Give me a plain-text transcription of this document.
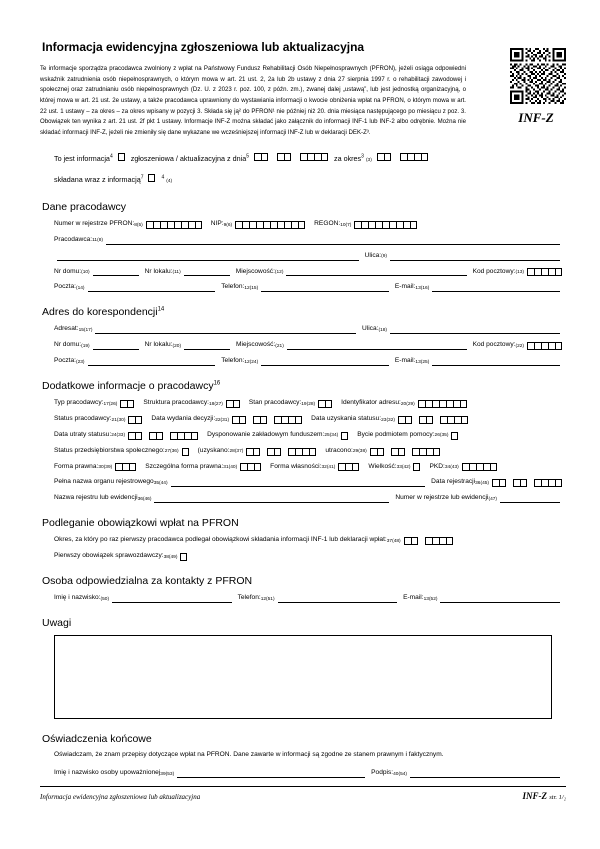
INF-Z
Informacja ewidencyjna zgłoszeniowa lub aktualizacyjna

Te informacje sporządza pracodawca zwolniony z wpłat na Państwowy Fundusz Rehabilitacji Osób Niepełnosprawnych (PFRON), jeżeli osiąga odpowiedni wskaźnik zatrudnienia osób niepełnosprawnych, o którym mowa w art. 21 ust. 2, 2a lub 2b ustawy z dnia 27 sierpnia 1997 r. o rehabilitacji zawodowej i społecznej oraz zatrudnianiu osób niepełnosprawnych (Dz. U. z 2023 r. poz. 100, z późn. zm.), zwanej dalej „ustawą”, lub jest jednostką organizacyjną, o której mowa w art. 21 ust. 2e ustawy, a także pracodawca uprawniony do wystawiania informacji o kwocie obniżenia wpłat na PFRON, o którym mowa w art. 22 ust. 1 ustawy – za okres – za okres wpisany w pozycji 3. Składa się ją² do PFRON¹ nie później niż 20. dnia miesiąca następującego po miesiącu z poz. 3. Obowiązek ten wynika z art. 21 ust. 2f pkt 1 ustawy. Informacje INF-Z można składać jako załącznik do informacji INF-1 lub INF-2 albo odrębnie. Można nie składać informacji INF-Z, jeżeli nie zmieniły się dane wykazane we wcześniejszej informacji INF-Z lub w deklaracji DEK-Z³.

To jest informacja$^4$	zgłoszeniowa / aktualizacyjna z dnia$^5$

	za okres$^3$ (3)

składana wraz z informacją$^7$	$^4$ (4)
Dane pracodawcy
Numer w rejestrze $PFRON:_8$ (5)	$NIP:_9$ (6)	$REGON:_{10}$ (7)
$Pracodawca:_{11}$ (8)
Ulica: (9)
Nr domu: (10)	Nr lokalu: (11)	Miejscowość: (12)	Kod pocztowy: (13)
Poczta: (14)	$Telefon:_{12}$ (15)	$E-mail:_{13}$ (16)
Adres do korespondencji$^{14}$
$Adresat:_{15}$ (17)	Ulica: (18)
Nr domu: (19)	Nr lokalu: (20)	Miejscowość: (21)	Kod pocztowy: (22)
Poczta: (23)	$Telefon:_{12}$ (24)	$E-mail:_{13}$ (25)
Dodatkowe informacje o pracodawcy$^{16}$
Typ $pracodawcy:_{17}$ (26)	Struktura $pracodawcy:_{18}$ (27)	Stan $pracodawcy:_{19}$ (28)	Identyfikator $adresu:_{20}$ (29)
Status $pracodawcy:_{21}$ (30)	Data wydania $decyzji:_{22}$ (31)	Data uzyskania $statusu:_{23}$ (32)
Data utraty $statusu:_{24}$ (33)	Dysponowanie zakładowym $funduszem:_{25}$ (34)	Bycie podmiotem $pomocy:_{26}$ (35)
Status przedsiębiorstwa $społecznego:_{27}$ (36)	($uzyskano:_{28}$ (37)	$utracono:_{29}$ (38)
Forma $prawna:_{30}$ (39)	Szczególna forma $prawna:_{31}$ (40)	Forma $własności:_{32}$ (41)	$Wielkość:_{33}$ (42)	$PKD:_{34}$ (43)
Pełna nazwa organu rejestrowego$_{35}$ (44)	Data rejestracji$_{36}$ (45)
Nazwa rejestru lub ewidencji$_{36}$ (46)	Numer w rejestrze lub ewidencji (47)
Podleganie obowiązkowi wpłat na PFRON
Okres, za który po raz pierwszy pracodawca podlegał obowiązkowi składania informacji INF-1 lub deklaracji $wpłat:_{37}$ (48)
Pierwszy obowiązek $sprawozdawczy:_{38}$ (49)
Osoba odpowiedzialna za kontakty z PFRON
Imię i nazwisko: (50)	$Telefon:_{12}$ (51)	$E-mail:_{13}$ (52)
Uwagi
Oświadczenia końcowe
Oświadczam, że znam przepisy dotyczące wpłat na PFRON. Dane zawarte w informacji są zgodne ze stanem prawnym i faktycznym.
Imię i nazwisko osoby upoważnionej$_{39}$ (53)	$Podpis:_{40}$ (54)
Informacja ewidencyjna zgłoszeniowa lub aktualizacyjna	INF-Z str. 1/₂
